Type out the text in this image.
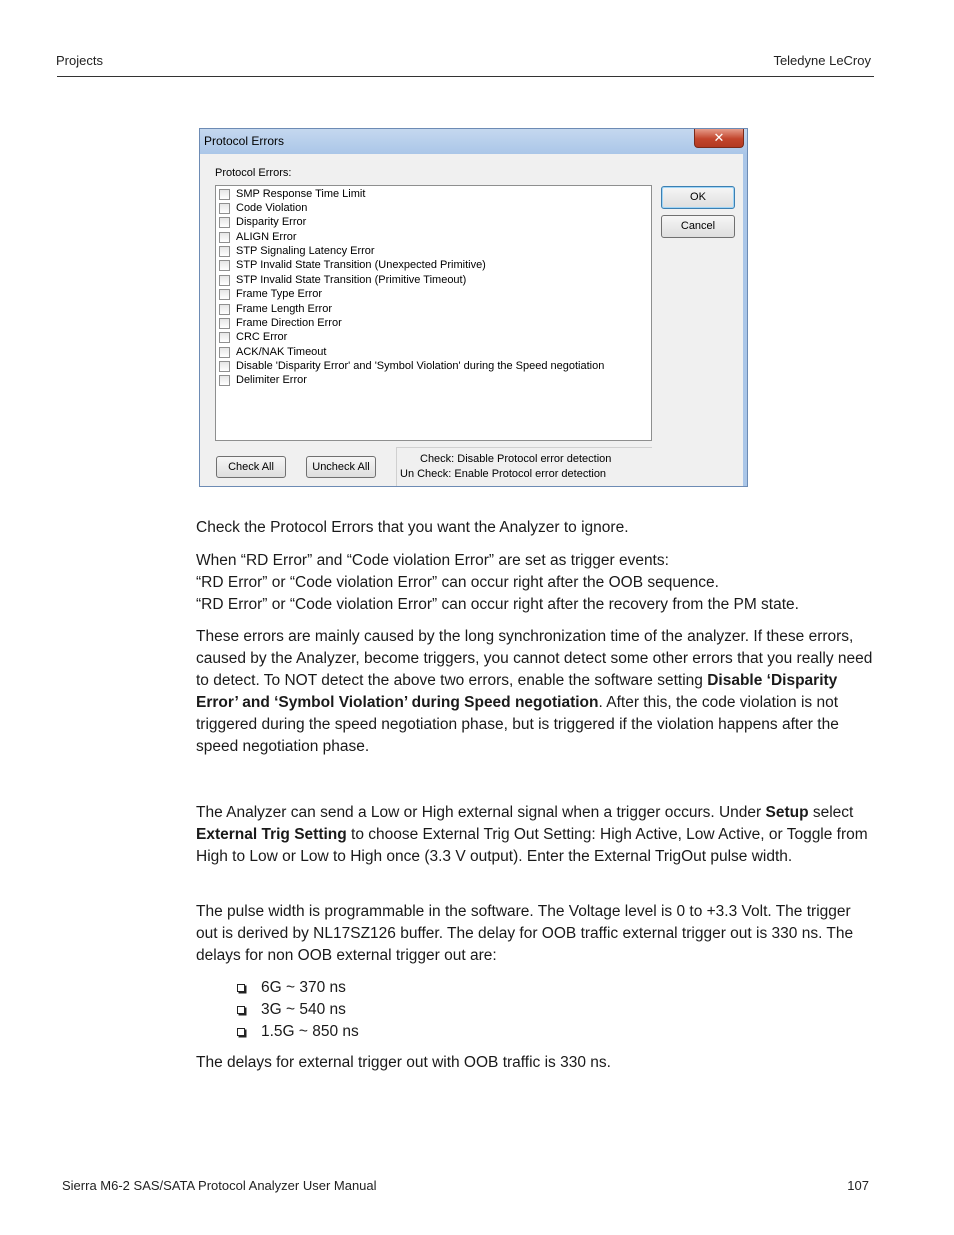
Projects	Teledyne LeCroy
Protocol Errors	✕
Protocol Errors:
SMP Response Time Limit
Code Violation
Disparity Error
ALIGN Error
STP Signaling Latency Error
STP Invalid State Transition (Unexpected Primitive)
STP Invalid State Transition (Primitive Timeout)
Frame Type Error
Frame Length Error
Frame Direction Error
CRC Error
ACK/NAK Timeout
Disable 'Disparity Error' and 'Symbol Violation' during the Speed negotiation
Delimiter Error
OK
Cancel
Check All	Uncheck All
Check: Disable Protocol error detection
Un Check: Enable Protocol error detection

Check the Protocol Errors that you want the Analyzer to ignore.

When “RD Error” and “Code violation Error” are set as trigger events:

“RD Error” or “Code violation Error” can occur right after the OOB sequence.

“RD Error” or “Code violation Error” can occur right after the recovery from the PM state.

These errors are mainly caused by the long synchronization time of the analyzer. If these errors, caused by the Analyzer, become triggers, you cannot detect some other errors that you really need to detect. To NOT detect the above two errors, enable the software setting Disable ‘Disparity Error’ and ‘Symbol Violation’ during Speed negotiation. After this, the code violation is not triggered during the speed negotiation phase, but is triggered if the violation happens after the speed negotiation phase.

The Analyzer can send a Low or High external signal when a trigger occurs. Under Setup select External Trig Setting to choose External Trig Out Setting: High Active, Low Active, or Toggle from High to Low or Low to High once (3.3 V output). Enter the External TrigOut pulse width.

The pulse width is programmable in the software. The Voltage level is 0 to +3.3 Volt. The trigger out is derived by NL17SZ126 buffer. The delay for OOB traffic external trigger out is 330 ns. The delays for non OOB external trigger out are:

6G ~ 370 ns
3G ~ 540 ns
1.5G ~ 850 ns

The delays for external trigger out with OOB traffic is 330 ns.

Sierra M6-2 SAS/SATA Protocol Analyzer User Manual	107
